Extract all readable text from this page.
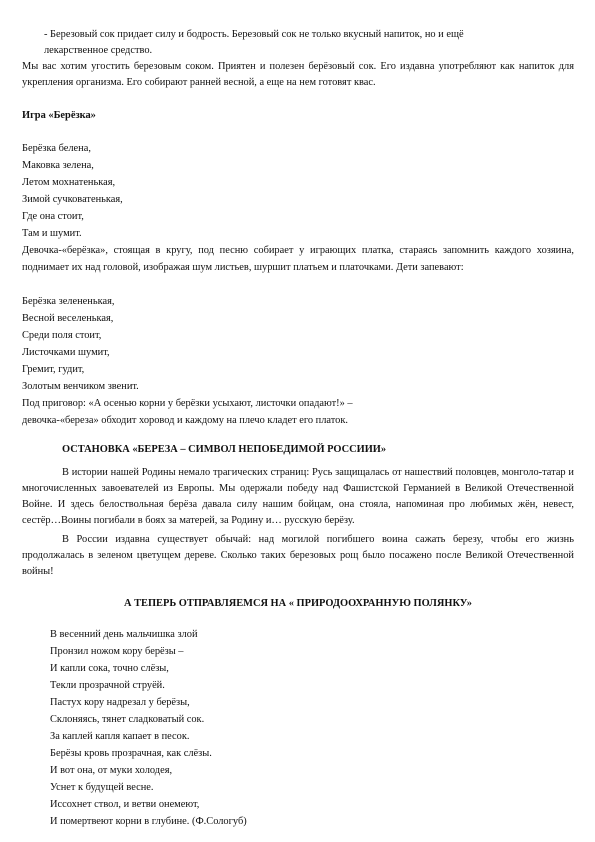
- Березовый сок придает силу и бодрость. Березовый сок не только вкусный напиток, но и ещё
лекарственное средство.
Мы вас хотим угостить березовым соком. Приятен и полезен берёзовый сок. Его издавна употребляют как напиток для укрепления организма. Его собирают ранней весной, а еще на нем готовят квас.
Игра «Берёзка»
Берёзка белена,
Маковка зелена,
Летом мохнатенькая,
Зимой сучковатенькая,
Где она стоит,
Там и шумит.
Девочка-«берёзка», стоящая в кругу, под песню собирает у играющих платка, стараясь запомнить каждого хозяина, поднимает их над головой, изображая шум листьев, шуршит платьем и платочками. Дети запевают:
Берёзка зелененькая,
Весной веселенькая,
Среди поля стоит,
Листочками шумит,
Гремит, гудит,
Золотым венчиком звенит.
Под приговор: «А осенью корни у берёзки усыхают, листочки опадают!» –
девочка-«береза» обходит хоровод и каждому на плечо кладет его платок.
ОСТАНОВКА «БЕРЕЗА – СИМВОЛ НЕПОБЕДИМОЙ РОССИИИ»
В истории нашей Родины немало трагических страниц: Русь защищалась от нашествий половцев, монголо-татар и многочисленных завоевателей из Европы. Мы одержали победу над Фашистской Германией в Великой Отечественной Войне. И здесь белоствольная берёза давала силу нашим бойцам, она стояла, напоминая про любимых жён, невест, сестёр…Воины погибали в боях за матерей, за Родину и… русскую берёзу.
В России издавна существует обычай: над могилой погибшего воина сажать березу, чтобы его жизнь продолжалась в зеленом цветущем дереве. Сколько таких березовых рощ было посажено после Великой Отечественной войны!
А ТЕПЕРЬ ОТПРАВЛЯЕМСЯ НА « ПРИРОДООХРАННУЮ ПОЛЯНКУ»
В весенний день мальчишка злой
Пронзил ножом кору берёзы –
И капли сока, точно слёзы,
Текли прозрачной струёй.
Пастух кору надрезал у берёзы,
Склоняясь, тянет сладковатый сок.
За каплей капля капает в песок.
Берёзы кровь прозрачная, как слёзы.
И вот она, от муки холодея,
Уснет к будущей весне.
Иссохнет ствол, и ветви онемеют,
И помертвеют корни в глубине. (Ф.Сологуб)
